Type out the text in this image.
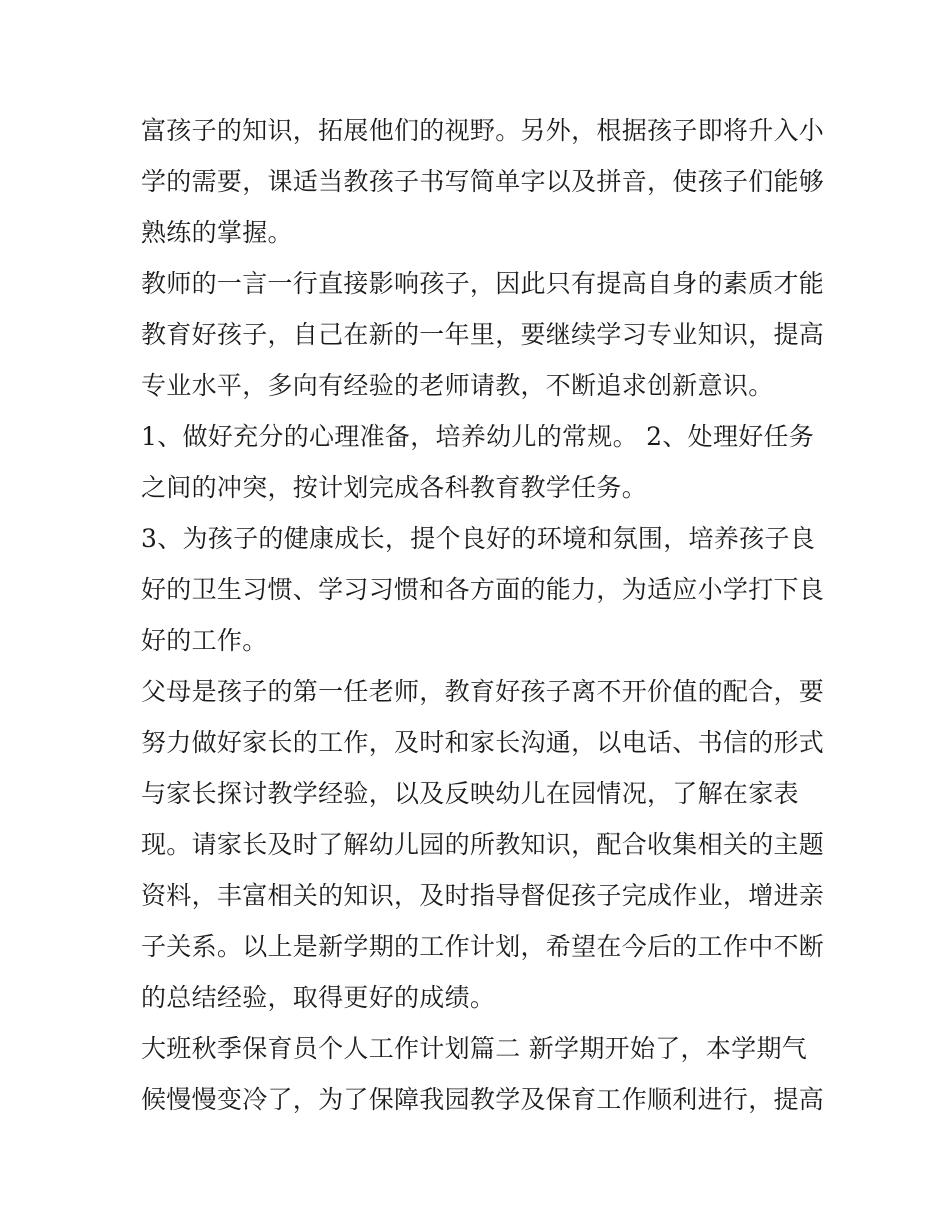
富孩子的知识，拓展他们的视野。另外，根据孩子即将升入小
学的需要，课适当教孩子书写简单字以及拼音，使孩子们能够
熟练的掌握。
教师的一言一行直接影响孩子，因此只有提高自身的素质才能
教育好孩子，自己在新的一年里，要继续学习专业知识，提高
专业水平，多向有经验的老师请教，不断追求创新意识。
1、做好充分的心理准备，培养幼儿的常规。 2、处理好任务
之间的冲突，按计划完成各科教育教学任务。
3、为孩子的健康成长，提个良好的环境和氛围，培养孩子良
好的卫生习惯、学习习惯和各方面的能力，为适应小学打下良
好的工作。
父母是孩子的第一任老师，教育好孩子离不开价值的配合，要
努力做好家长的工作，及时和家长沟通，以电话、书信的形式
与家长探讨教学经验，以及反映幼儿在园情况，了解在家表
现。请家长及时了解幼儿园的所教知识，配合收集相关的主题
资料，丰富相关的知识，及时指导督促孩子完成作业，增进亲
子关系。以上是新学期的工作计划，希望在今后的工作中不断
的总结经验，取得更好的成绩。
大班秋季保育员个人工作计划篇二 新学期开始了，本学期气
候慢慢变冷了，为了保障我园教学及保育工作顺利进行，提高
